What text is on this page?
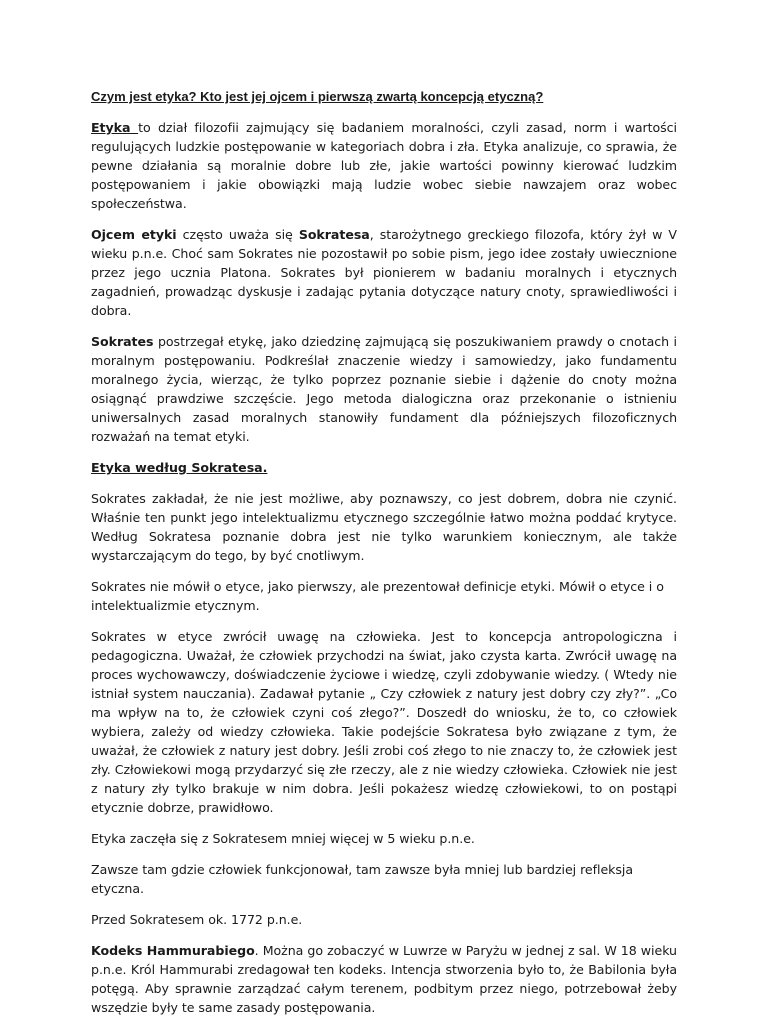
Czym jest etyka? Kto jest jej ojcem i pierwszą zwartą koncepcją etyczną?

Etyka to dział filozofii zajmujący się badaniem moralności, czyli zasad, norm i wartości regulujących ludzkie postępowanie w kategoriach dobra i zła. Etyka analizuje, co sprawia, że pewne działania są moralnie dobre lub złe, jakie wartości powinny kierować ludzkim postępowaniem i jakie obowiązki mają ludzie wobec siebie nawzajem oraz wobec społeczeństwa.

Ojcem etyki często uważa się Sokratesa, starożytnego greckiego filozofa, który żył w V wieku p.n.e. Choć sam Sokrates nie pozostawił po sobie pism, jego idee zostały uwiecznione przez jego ucznia Platona. Sokrates był pionierem w badaniu moralnych i etycznych zagadnień, prowadząc dyskusje i zadając pytania dotyczące natury cnoty, sprawiedliwości i dobra.

Sokrates postrzegał etykę, jako dziedzinę zajmującą się poszukiwaniem prawdy o cnotach i moralnym postępowaniu. Podkreślał znaczenie wiedzy i samowiedzy, jako fundamentu moralnego życia, wierząc, że tylko poprzez poznanie siebie i dążenie do cnoty można osiągnąć prawdziwe szczęście. Jego metoda dialogiczna oraz przekonanie o istnieniu uniwersalnych zasad moralnych stanowiły fundament dla późniejszych filozoficznych rozważań na temat etyki.

Etyka według Sokratesa.

Sokrates zakładał, że nie jest możliwe, aby poznawszy, co jest dobrem, dobra nie czynić. Właśnie ten punkt jego intelektualizmu etycznego szczególnie łatwo można poddać krytyce. Według Sokratesa poznanie dobra jest nie tylko warunkiem koniecznym, ale także wystarczającym do tego, by być cnotliwym.

Sokrates nie mówił o etyce, jako pierwszy, ale prezentował definicje etyki. Mówił o etyce i o intelektualizmie etycznym.

Sokrates w etyce zwrócił uwagę na człowieka. Jest to koncepcja antropologiczna i pedagogiczna. Uważał, że człowiek przychodzi na świat, jako czysta karta. Zwrócił uwagę na proces wychowawczy, doświadczenie życiowe i wiedzę, czyli zdobywanie wiedzy. ( Wtedy nie istniał system nauczania). Zadawał pytanie „ Czy człowiek z natury jest dobry czy zły?”. „Co ma wpływ na to, że człowiek czyni coś złego?”. Doszedł do wniosku, że to, co człowiek wybiera, zależy od wiedzy człowieka. Takie podejście Sokratesa było związane z tym, że uważał, że człowiek z natury jest dobry. Jeśli zrobi coś złego to nie znaczy to, że człowiek jest zły. Człowiekowi mogą przydarzyć się złe rzeczy, ale z nie wiedzy człowieka. Człowiek nie jest z natury zły tylko brakuje w nim dobra. Jeśli pokażesz wiedzę człowiekowi, to on postąpi etycznie dobrze, prawidłowo.

Etyka zaczęła się z Sokratesem mniej więcej w 5 wieku p.n.e.

Zawsze tam gdzie człowiek funkcjonował, tam zawsze była mniej lub bardziej refleksja etyczna.

Przed Sokratesem ok. 1772 p.n.e.

Kodeks Hammurabiego. Można go zobaczyć w Luwrze w Paryżu w jednej z sal. W 18 wieku p.n.e. Król Hammurabi zredagował ten kodeks. Intencja stworzenia było to, że Babilonia była potęgą. Aby sprawnie zarządzać całym terenem, podbitym przez niego, potrzebował żeby wszędzie były te same zasady postępowania.
